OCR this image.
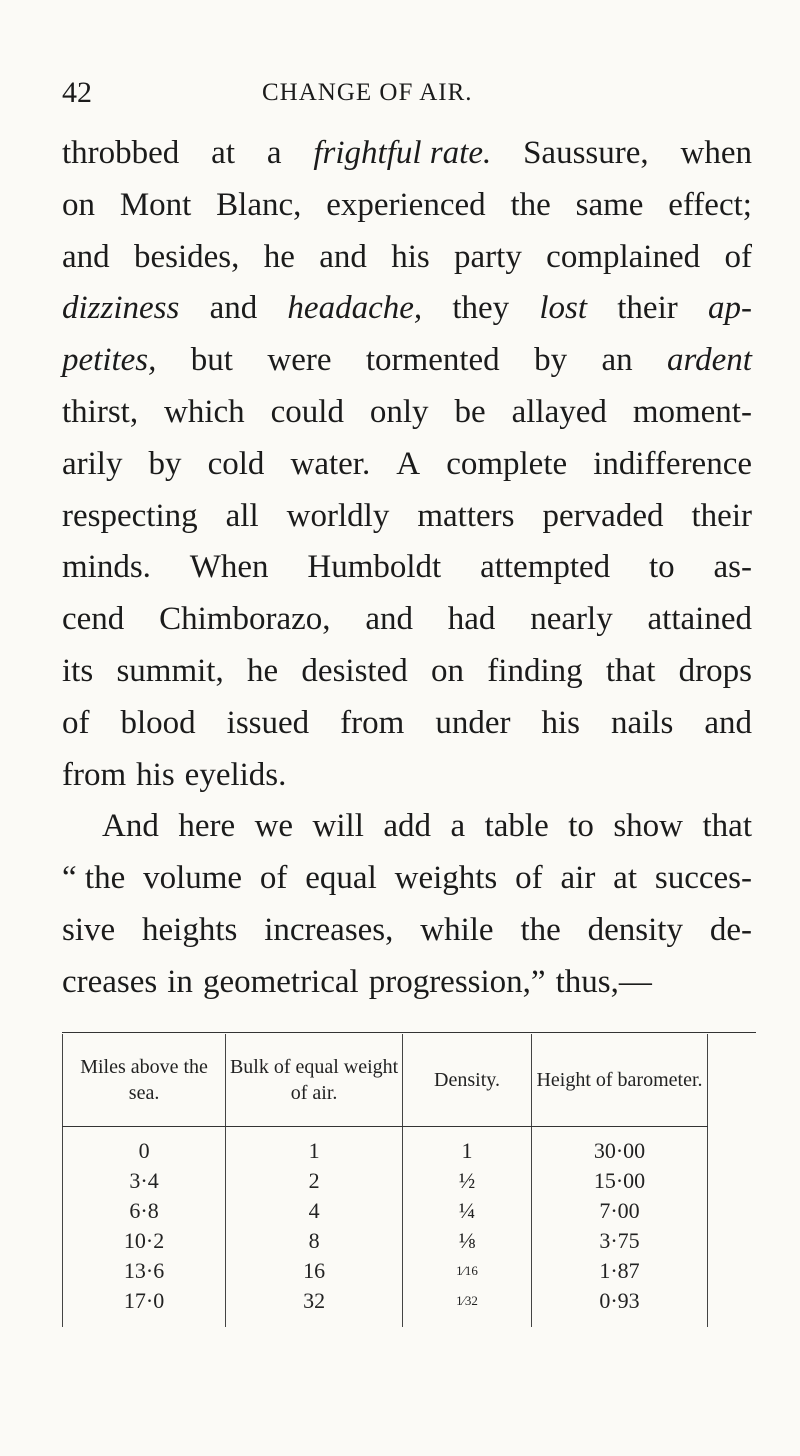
42	CHANGE OF AIR.
throbbed at a frightful rate. Saussure, when
on Mont Blanc, experienced the same effect;
and besides, he and his party complained of
dizziness and headache, they lost their ap-
petites, but were tormented by an ardent
thirst, which could only be allayed moment-
arily by cold water. A complete indifference
respecting all worldly matters pervaded their
minds. When Humboldt attempted to as-
cend Chimborazo, and had nearly attained
its summit, he desisted on finding that drops
of blood issued from under his nails and
from his eyelids.
And here we will add a table to show that
“ the volume of equal weights of air at succes-
sive heights increases, while the density de-
creases in geometrical progression,” thus,—
Miles above the sea.	Bulk of equal weight of air.	Density.	Height of barometer.
0	1	1	30·00
3·4	2	½	15·00
6·8	4	¼	7·00
10·2	8	⅛	3·75
13·6	16	1⁄16	1·87
17·0	32	1⁄32	0·93
